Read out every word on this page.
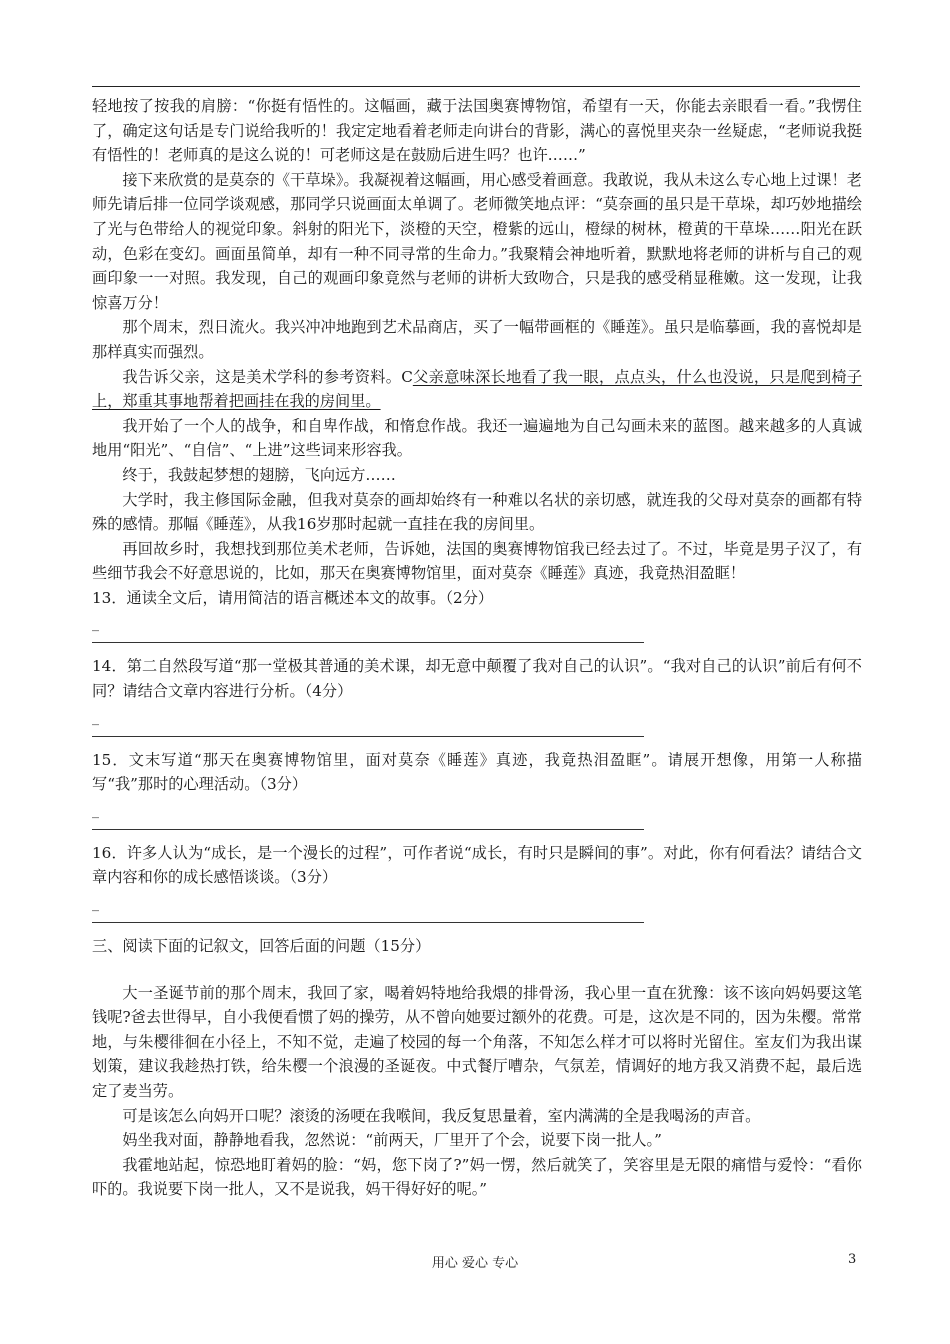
轻地按了按我的肩膀：“你挺有悟性的。这幅画，藏于法国奥赛博物馆，希望有一天，你能去亲眼看一看。”我愣住了，确定这句话是专门说给我听的！我定定地看着老师走向讲台的背影，满心的喜悦里夹杂一丝疑虑，“老师说我挺有悟性的！老师真的是这么说的！可老师这是在鼓励后进生吗？也许……”

接下来欣赏的是莫奈的《干草垛》。我凝视着这幅画，用心感受着画意。我敢说，我从未这么专心地上过课！老师先请后排一位同学谈观感，那同学只说画面太单调了。老师微笑地点评：“莫奈画的虽只是干草垛，却巧妙地描绘了光与色带给人的视觉印象。斜射的阳光下，淡橙的天空，橙紫的远山，橙绿的树林，橙黄的干草垛……阳光在跃动，色彩在变幻。画面虽简单，却有一种不同寻常的生命力。”我聚精会神地听着，默默地将老师的讲析与自己的观画印象一一对照。我发现，自己的观画印象竟然与老师的讲析大致吻合，只是我的感受稍显稚嫩。这一发现，让我惊喜万分！

那个周末，烈日流火。我兴冲冲地跑到艺术品商店，买了一幅带画框的《睡莲》。虽只是临摹画，我的喜悦却是那样真实而强烈。

我告诉父亲，这是美术学科的参考资料。C父亲意味深长地看了我一眼，点点头，什么也没说，只是爬到椅子上，郑重其事地帮着把画挂在我的房间里。

我开始了一个人的战争，和自卑作战，和惰怠作战。我还一遍遍地为自己勾画未来的蓝图。越来越多的人真诚地用“阳光”、“自信”、“上进”这些词来形容我。

终于，我鼓起梦想的翅膀，飞向远方……

大学时，我主修国际金融，但我对莫奈的画却始终有一种难以名状的亲切感，就连我的父母对莫奈的画都有特殊的感情。那幅《睡莲》，从我16岁那时起就一直挂在我的房间里。

再回故乡时，我想找到那位美术老师，告诉她，法国的奥赛博物馆我已经去过了。不过，毕竟是男子汉了，有些细节我会不好意思说的，比如，那天在奥赛博物馆里，面对莫奈《睡莲》真迹，我竟热泪盈眶！

13．通读全文后，请用简洁的语言概述本文的故事。（2分）

_

14．第二自然段写道“那一堂极其普通的美术课，却无意中颠覆了我对自己的认识”。“我对自己的认识”前后有何不同？请结合文章内容进行分析。（4分）

_

15．文末写道“那天在奥赛博物馆里，面对莫奈《睡莲》真迹，我竟热泪盈眶”。请展开想像，用第一人称描写“我”那时的心理活动。（3分）

_

16．许多人认为“成长，是一个漫长的过程”，可作者说“成长，有时只是瞬间的事”。对此，你有何看法？请结合文章内容和你的成长感悟谈谈。（3分）

_

三、阅读下面的记叙文，回答后面的问题（15分）

大一圣诞节前的那个周末，我回了家，喝着妈特地给我煨的排骨汤，我心里一直在犹豫：该不该向妈妈要这笔钱呢?爸去世得早，自小我便看惯了妈的操劳，从不曾向她要过额外的花费。可是，这次是不同的，因为朱樱。常常地，与朱樱徘徊在小径上，不知不觉，走遍了校园的每一个角落，不知怎么样才可以将时光留住。室友们为我出谋划策，建议我趁热打铁，给朱樱一个浪漫的圣诞夜。中式餐厅嘈杂，气氛差，情调好的地方我又消费不起，最后选定了麦当劳。

可是该怎么向妈开口呢？滚烫的汤哽在我喉间，我反复思量着，室内满满的全是我喝汤的声音。

妈坐我对面，静静地看我，忽然说：“前两天，厂里开了个会，说要下岗一批人。”

我霍地站起，惊恐地盯着妈的脸：“妈，您下岗了?”妈一愣，然后就笑了，笑容里是无限的痛惜与爱怜：“看你吓的。我说要下岗一批人，又不是说我，妈干得好好的呢。”

用心 爱心 专心	3
